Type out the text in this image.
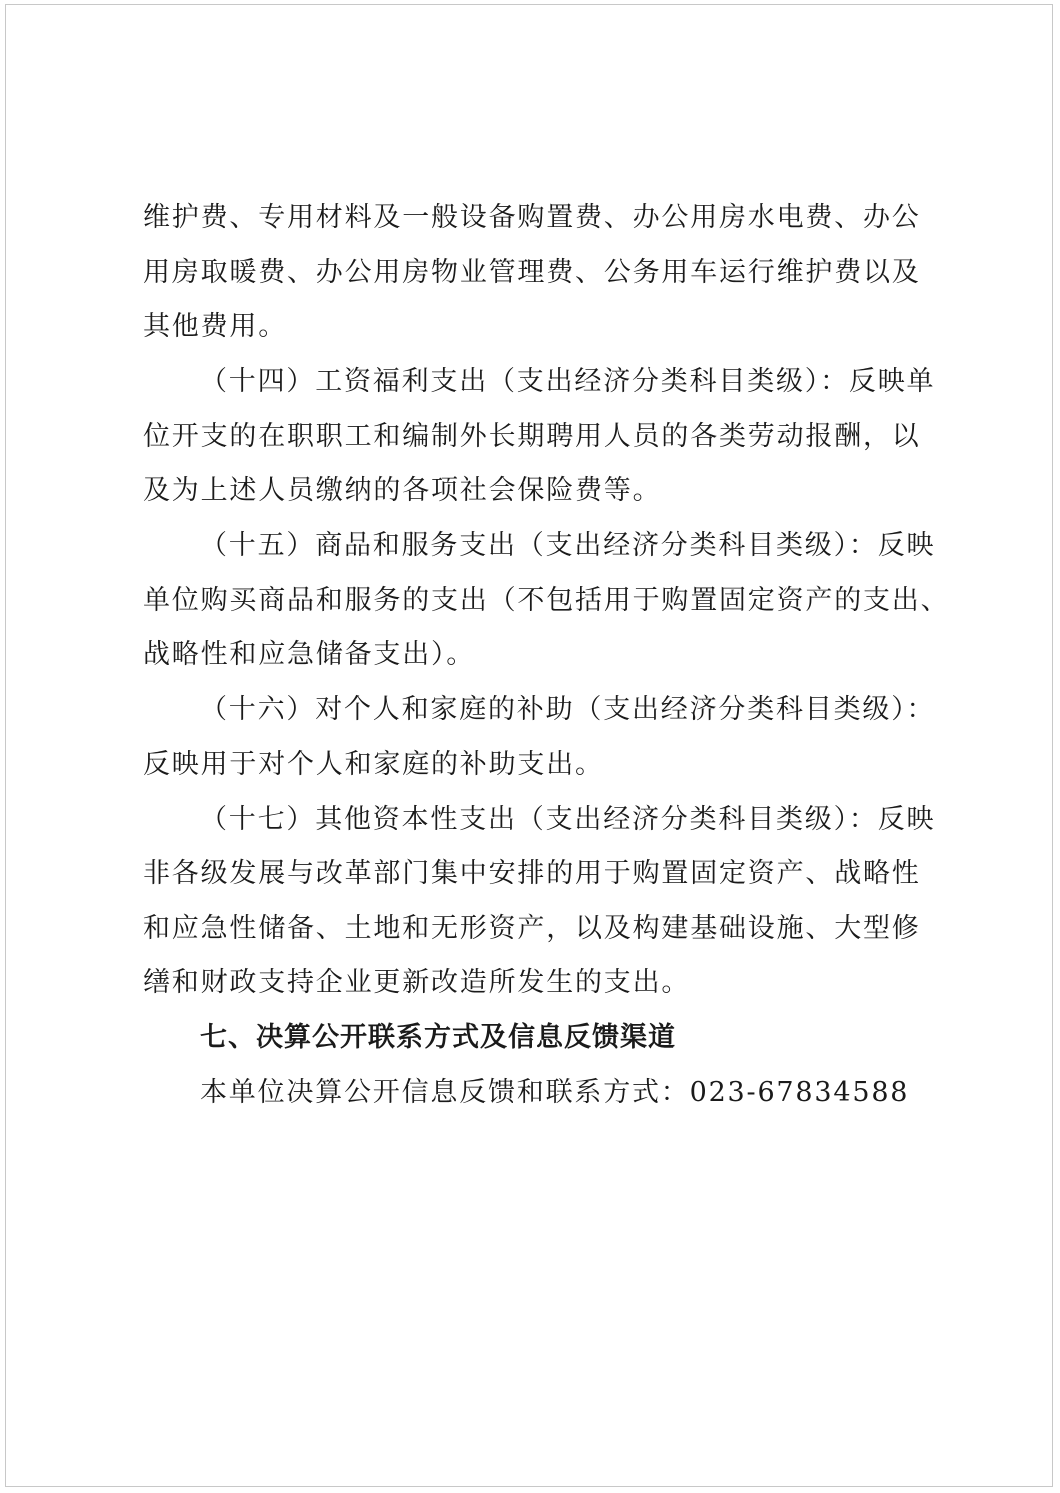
维护费、专用材料及一般设备购置费、办公用房水电费、办公
用房取暖费、办公用房物业管理费、公务用车运行维护费以及
其他费用。
（十四）工资福利支出（支出经济分类科目类级）：反映单
位开支的在职职工和编制外长期聘用人员的各类劳动报酬，以
及为上述人员缴纳的各项社会保险费等。
（十五）商品和服务支出（支出经济分类科目类级）：反映
单位购买商品和服务的支出（不包括用于购置固定资产的支出、
战略性和应急储备支出）。
（十六）对个人和家庭的补助（支出经济分类科目类级）：
反映用于对个人和家庭的补助支出。
（十七）其他资本性支出（支出经济分类科目类级）：反映
非各级发展与改革部门集中安排的用于购置固定资产、战略性
和应急性储备、土地和无形资产，以及构建基础设施、大型修
缮和财政支持企业更新改造所发生的支出。
七、决算公开联系方式及信息反馈渠道
本单位决算公开信息反馈和联系方式：023-67834588
